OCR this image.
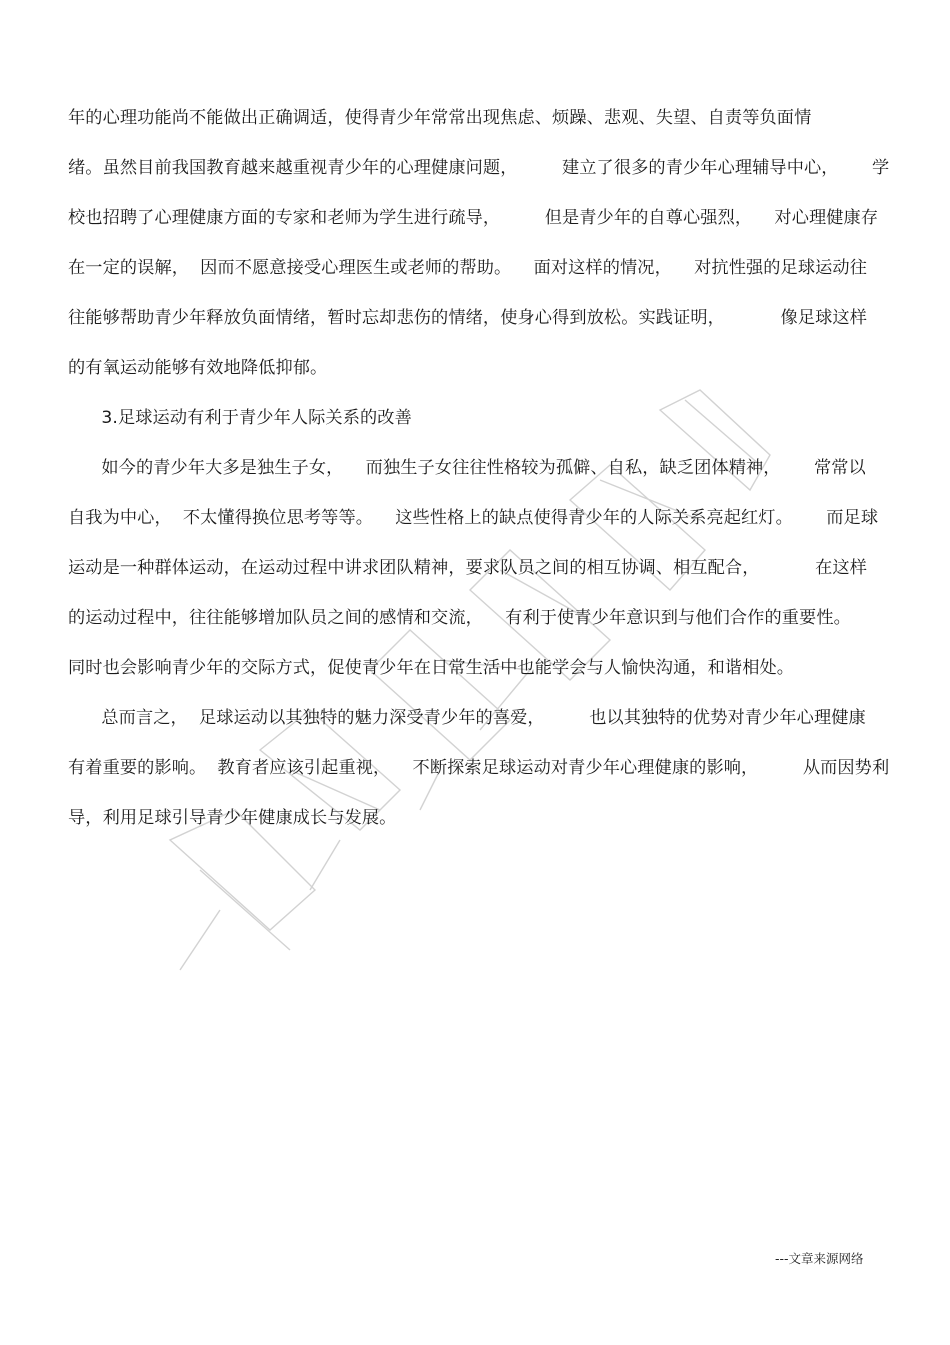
年的心理功能尚不能做出正确调适，使得青少年常常出现焦虑、烦躁、悲观、失望、自责等负面情
绪。虽然目前我国教育越来越重视青少年的心理健康问题，        建立了很多的青少年心理辅导中心，      学
校也招聘了心理健康方面的专家和老师为学生进行疏导，        但是青少年的自尊心强烈，    对心理健康存
在一定的误解，  因而不愿意接受心理医生或老师的帮助。    面对这样的情况，    对抗性强的足球运动往
往能够帮助青少年释放负面情绪，暂时忘却悲伤的情绪，使身心得到放松。实践证明，          像足球这样
的有氧运动能够有效地降低抑郁。
3.足球运动有利于青少年人际关系的改善
如今的青少年大多是独生子女，    而独生子女往往性格较为孤僻、自私，缺乏团体精神，      常常以
自我为中心，  不太懂得换位思考等等。    这些性格上的缺点使得青少年的人际关系亮起红灯。      而足球
运动是一种群体运动，在运动过程中讲求团队精神，要求队员之间的相互协调、相互配合，          在这样
的运动过程中，往往能够增加队员之间的感情和交流，    有利于使青少年意识到与他们合作的重要性。
同时也会影响青少年的交际方式，促使青少年在日常生活中也能学会与人愉快沟通，和谐相处。
总而言之，  足球运动以其独特的魅力深受青少年的喜爱，        也以其独特的优势对青少年心理健康
有着重要的影响。  教育者应该引起重视，    不断探索足球运动对青少年心理健康的影响，        从而因势利
导，利用足球引导青少年健康成长与发展。
---文章来源网络
